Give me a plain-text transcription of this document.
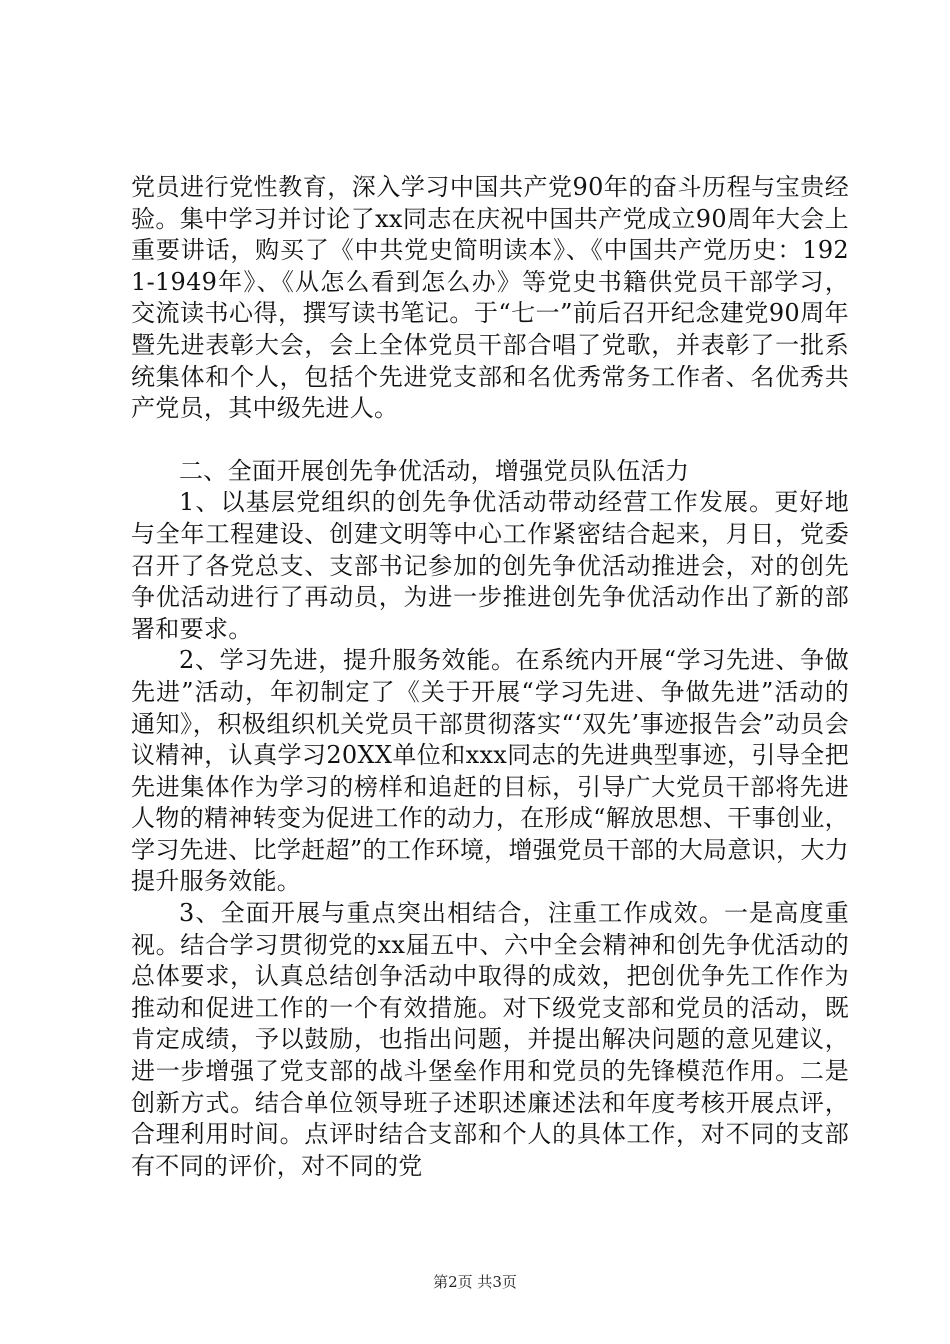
党员进行党性教育，深入学习中国共产党90年的奋斗历程与宝贵经验。集中学习并讨论了xx同志在庆祝中国共产党成立90周年大会上重要讲话，购买了《中共党史简明读本》、《中国共产党历史：1921-1949年》、《从怎么看到怎么办》等党史书籍供党员干部学习，交流读书心得，撰写读书笔记。于“七一”前后召开纪念建党90周年暨先进表彰大会，会上全体党员干部合唱了党歌，并表彰了一批系统集体和个人，包括个先进党支部和名优秀常务工作者、名优秀共产党员，其中级先进人。

二、全面开展创先争优活动，增强党员队伍活力

1、以基层党组织的创先争优活动带动经营工作发展。更好地与全年工程建设、创建文明等中心工作紧密结合起来，月日，党委召开了各党总支、支部书记参加的创先争优活动推进会，对的创先争优活动进行了再动员，为进一步推进创先争优活动作出了新的部署和要求。

2、学习先进，提升服务效能。在系统内开展“学习先进、争做先进”活动，年初制定了《关于开展“学习先进、争做先进”活动的通知》，积极组织机关党员干部贯彻落实“‘双先’事迹报告会”动员会议精神，认真学习20XX单位和xxx同志的先进典型事迹，引导全把先进集体作为学习的榜样和追赶的目标，引导广大党员干部将先进人物的精神转变为促进工作的动力，在形成“解放思想、干事创业，学习先进、比学赶超”的工作环境，增强党员干部的大局意识，大力提升服务效能。

3、全面开展与重点突出相结合，注重工作成效。一是高度重视。结合学习贯彻党的xx届五中、六中全会精神和创先争优活动的总体要求，认真总结创争活动中取得的成效，把创优争先工作作为推动和促进工作的一个有效措施。对下级党支部和党员的活动，既肯定成绩，予以鼓励，也指出问题，并提出解决问题的意见建议，进一步增强了党支部的战斗堡垒作用和党员的先锋模范作用。二是创新方式。结合单位领导班子述职述廉述法和年度考核开展点评，合理利用时间。点评时结合支部和个人的具体工作，对不同的支部有不同的评价，对不同的党

第2页 共3页
